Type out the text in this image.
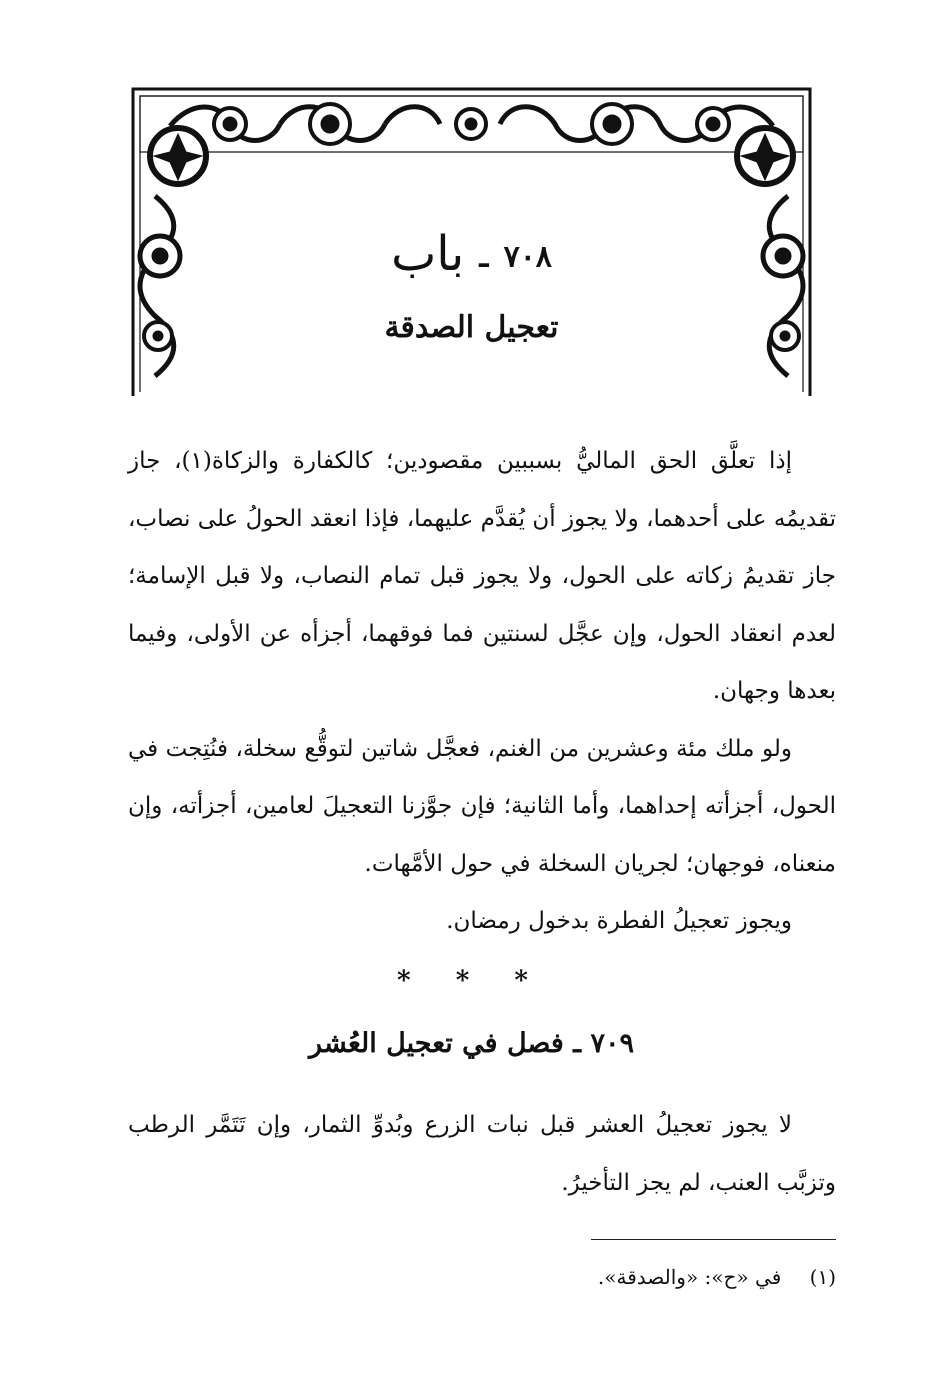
٧٠٨ ـ باب
تعجيل الصدقة

إذا تعلَّق الحق الماليُّ بسببين مقصودين؛ كالكفارة والزكاة(١)، جاز تقديمُه على أحدهما، ولا يجوز أن يُقدَّم عليهما، فإذا انعقد الحولُ على نصاب، جاز تقديمُ زكاته على الحول، ولا يجوز قبل تمام النصاب، ولا قبل الإسامة؛ لعدم انعقاد الحول، وإن عجَّل لسنتين فما فوقهما، أجزأه عن الأولى، وفيما بعدها وجهان.

ولو ملك مئة وعشرين من الغنم، فعجَّل شاتين لتوقُّع سخلة، فنُتِجت في الحول، أجزأته إحداهما، وأما الثانية؛ فإن جوَّزنا التعجيلَ لعامين، أجزأته، وإن منعناه، فوجهان؛ لجريان السخلة في حول الأمَّهات.

ويجوز تعجيلُ الفطرة بدخول رمضان.

* * *
٧٠٩ ـ فصل في تعجيل العُشر

لا يجوز تعجيلُ العشر قبل نبات الزرع وبُدوِّ الثمار، وإن تَتَمَّر الرطب وتزبَّب العنب، لم يجز التأخيرُ.

(١) في «ح»: «والصدقة».
